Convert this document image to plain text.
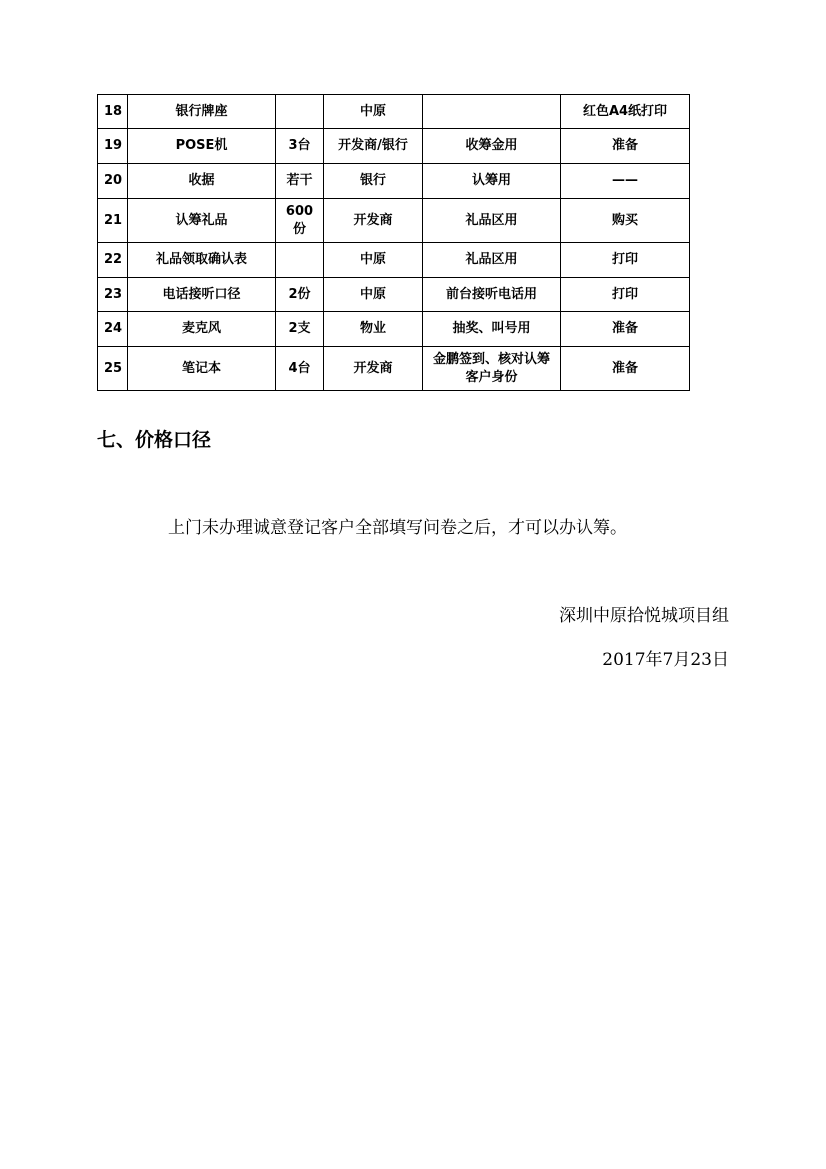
18	银行牌座		中原		红色A4纸打印
19	POSE机	3台	开发商/银行	收筹金用	准备
20	收据	若干	银行	认筹用	——
21	认筹礼品	600份	开发商	礼品区用	购买
22	礼品领取确认表		中原	礼品区用	打印
23	电话接听口径	2份	中原	前台接听电话用	打印
24	麦克风	2支	物业	抽奖、叫号用	准备
25	笔记本	4台	开发商	金鹏签到、核对认筹客户身份	准备
七、价格口径

上门未办理诚意登记客户全部填写问卷之后，才可以办认筹。

深圳中原拾悦城项目组

2017年7月23日
